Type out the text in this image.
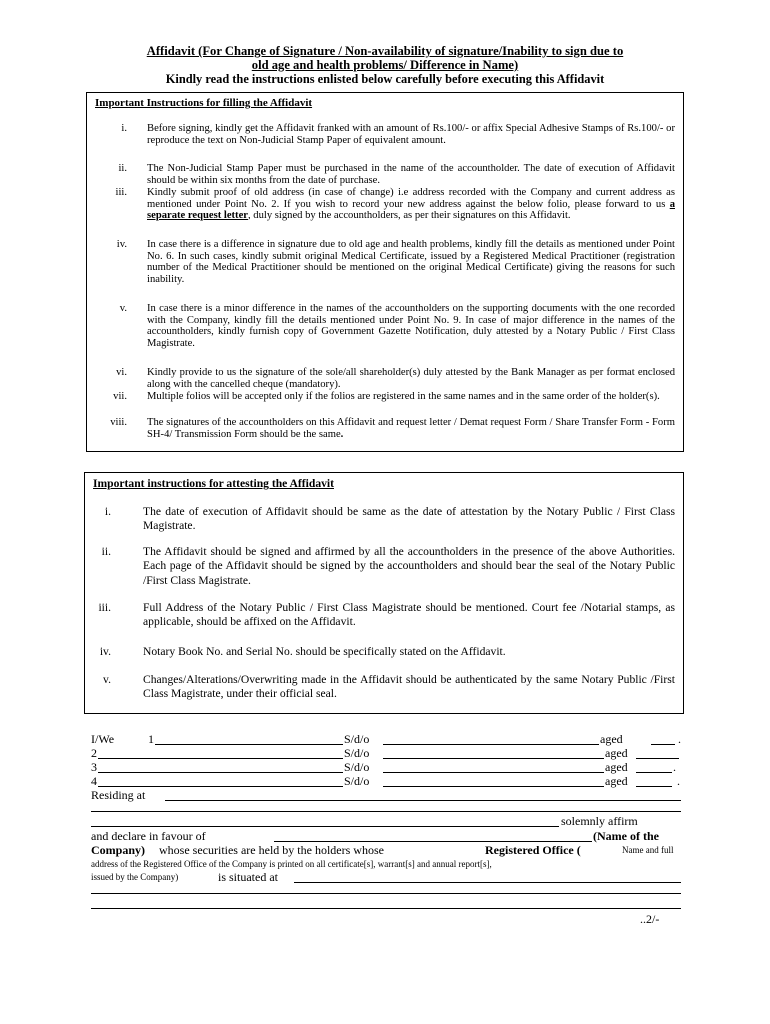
Affidavit (For Change of Signature / Non-availability of signature/Inability to sign due to
old age and health problems/ Difference in Name)
Kindly read the instructions enlisted below carefully before executing this Affidavit
Important Instructions for filling the Affidavit
i. Before signing, kindly get the Affidavit franked with an amount of Rs.100/- or affix Special Adhesive Stamps of Rs.100/- or reproduce the text on Non-Judicial Stamp Paper of equivalent amount.
ii. The Non-Judicial Stamp Paper must be purchased in the name of the accountholder. The date of execution of Affidavit should be within six months from the date of purchase.
iii. Kindly submit proof of old address (in case of change) i.e address recorded with the Company and current address as mentioned under Point No. 2. If you wish to record your new address against the below folio, please forward to us a separate request letter, duly signed by the accountholders, as per their signatures on this Affidavit.
iv. In case there is a difference in signature due to old age and health problems, kindly fill the details as mentioned under Point No. 6. In such cases, kindly submit original Medical Certificate, issued by a Registered Medical Practitioner (registration number of the Medical Practitioner should be mentioned on the original Medical Certificate) giving the reasons for such inability.
v. In case there is a minor difference in the names of the accountholders on the supporting documents with the one recorded with the Company, kindly fill the details mentioned under Point No. 9. In case of major difference in the names of the accountholders, kindly furnish copy of Government Gazette Notification, duly attested by a Notary Public / First Class Magistrate.
vi. Kindly provide to us the signature of the sole/all shareholder(s) duly attested by the Bank Manager as per format enclosed along with the cancelled cheque (mandatory).
vii. Multiple folios will be accepted only if the folios are registered in the same names and in the same order of the holder(s).
viii. The signatures of the accountholders on this Affidavit and request letter / Demat request Form / Share Transfer Form - Form SH-4/ Transmission Form should be the same.
Important instructions for attesting the Affidavit
i.	The date of execution of Affidavit should be same as the date of attestation by the Notary Public / First Class Magistrate.
ii.	The Affidavit should be signed and affirmed by all the accountholders in the presence of the above Authorities. Each page of the Affidavit should be signed by the accountholders and should bear the seal of the Notary Public /First Class Magistrate.
iii.	Full Address of the Notary Public / First Class Magistrate should be mentioned. Court fee /Notarial stamps, as applicable, should be affixed on the Affidavit.
iv.	Notary Book No. and Serial No. should be specifically stated on the Affidavit.
v.	Changes/Alterations/Overwriting made in the Affidavit should be authenticated by the same Notary Public /First Class Magistrate, under their official seal.
I/We	1	S/d/o	aged	.
2	S/d/o	aged
3	S/d/o	aged	.
4	S/d/o	aged	.
Residing at
solemnly affirm
and declare in favour of	(Name of the
Company) whose securities are held by the holders whose	Registered Office (	Name and full
address of the Registered Office of the Company is printed on all certificate[s], warrant[s] and annual report[s],
issued by the Company)	is situated at
..2/-
